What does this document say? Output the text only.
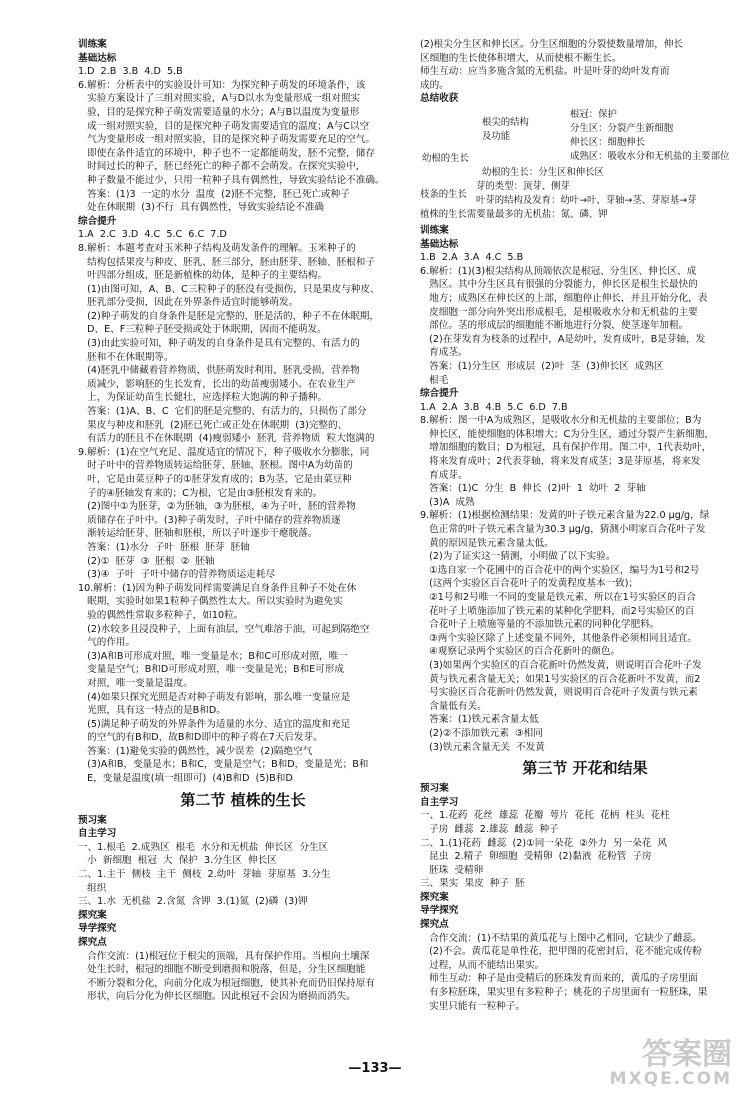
训练案
基础达标
1.D  2.B  3.B  4.D  5.B
6.解析：分析表中的实验设计可知：为探究种子萌发的环境条件，该
实验方案设计了三组对照实验，A与D以水为变量形成一组对照实
验，目的是探究种子萌发需要适量的水分；A与B以温度为变量形
成一组对照实验，目的是探究种子萌发需要适宜的温度；A与C以空
气为变量形成一组对照实验，目的是探究种子萌发需要充足的空气。
即使在条件适宜的环境中，种子也不一定都能萌发，胚不完整，储存
时间过长的种子，胚已经死亡的种子都不会萌发。在探究实验中，
种子数量不能过少，只用一粒种子具有偶然性，导致实验结论不准确。
答案：(1)3  一定的水分  温度  (2)胚不完整，胚已死亡或种子
处在休眠期  (3)不行  具有偶然性，导致实验结论不准确
综合提升
1.A  2.C  3.D  4.C  5.C  6.C  7.D
8.解析：本题考查对玉米种子结构及萌发条件的理解。玉米种子的
结构包括果皮与种皮、胚乳、胚三部分，胚由胚芽、胚轴、胚根和子
叶四部分组成，胚是新植株的幼体，是种子的主要结构。
(1)由图可知，A、B、C三粒种子的胚没有受损伤，只是果皮与种皮、
胚乳部分受损，因此在外界条件适宜时能够萌发。
(2)种子萌发的自身条件是胚是完整的，胚是活的，种子不在休眠期，
D、E、F三粒种子胚受损或处于休眠期，因而不能萌发。
(3)由此实验可知，种子萌发的自身条件是具有完整的、有活力的
胚和不在休眠期等。
(4)胚乳中储藏着营养物质，供胚萌发时利用，胚乳受损，营养物
质减少，影响胚的生长发育，长出的幼苗瘦弱矮小。在农业生产
上，为保证幼苗生长健壮，应选择粒大饱满的种子播种。
答案：(1)A、B、C  它们的胚是完整的、有活力的，只损伤了部分
果皮与种皮和胚乳  (2)胚已死亡或正处在休眠期  (3)完整的、
有活力的胚且不在休眠期  (4)瘦弱矮小  胚乳  营养物质  粒大饱满的
9.解析：(1)在空气充足、温度适宜的情况下，种子吸收水分膨胀，同
时子叶中的营养物质转运给胚芽、胚轴、胚根。图中A为幼苗的
叶，它是由菜豆种子的①胚芽发育成的；B为茎，它是由菜豆种
子的④胚轴发育来的；C为根，它是由③胚根发育来的。
(2)图中①为胚芽，②为胚轴，③为胚根，④为子叶，胚的营养物
质储存在子叶中。(3)种子萌发时，子叶中储存的营养物质逐
渐转运给胚芽、胚轴和胚根，所以子叶逐步干瘪脱落。
答案：(1)水分  子叶  胚根  胚芽  胚轴
(2)①  胚芽  ③  胚根  ②  胚轴
(3)④  子叶  子叶中储存的营养物质运走耗尽
10.解析：(1)因为种子萌发同样需要满足自身条件且种子不处在休
眠期，实验时如果1粒种子偶然性太大。所以实验时为避免实
验的偶然性常取多粒种子，如10粒。
(2)水较多且浸没种子，上面有油层，空气难溶于油，可起到隔绝空
气的作用。
(3)A和B可形成对照，唯一变量是水；B和C可形成对照，唯一
变量是空气；B和D可形成对照，唯一变量是光；B和E可形成
对照，唯一变量是温度。
(4)如果只探究光照是否对种子萌发有影响，那么唯一变量应是
光照，具有这一特点的是B和D。
(5)满足种子萌发的外界条件为适量的水分、适宜的温度和充足
的空气的有B和D，故B和D即中的种子将在7天后发芽。
答案：(1)避免实验的偶然性，减少误差  (2)隔绝空气
(3)A和B，变量是水；B和C，变量是空气；B和D，变量是光；B和
E，变量是温度(填一组即可)  (4)B和D  (5)B和D
第二节 植株的生长
预习案
自主学习
一、1.根毛  2.成熟区  根毛  水分和无机盐  伸长区  分生区
小  新细胞  根冠  大  保护  3.分生区  伸长区
二、1.主干  侧枝  主干  侧枝  2.幼叶  芽轴  芽原基  3.分生
组织
三、1.水  无机盐  2.含氮  含钾  3.(1)氮  (2)磷  (3)钾
探究案
导学探究
探究点
合作交流：(1)根冠位于根尖的顶端，具有保护作用。当根向土壤深
处生长时，根冠的细胞不断受到磨损和脱落，但是，分生区细胞能
不断分裂和分化，向前分化成为根冠细胞，使其补充而仍旧保持原有
形状，向后分化为伸长区细胞。因此根冠不会因为磨损而消失。
(2)根尖分生区和伸长区。分生区细胞的分裂使数量增加，伸长
区细胞的生长使体积增大，从而使根不断生长。
师生互动：应当多施含氮的无机盐。叶是叶芽的幼叶发育而
成的。
总结收获
幼根的生长
根尖的结构
及功能
根冠：保护
分生区：分裂产生新细胞
伸长区：细胞伸长
成熟区：吸收水分和无机盐的主要部位
幼根的生长：分生区和伸长区
枝条的生长
芽的类型：顶芽、侧芽
叶芽的结构及发育：幼叶→叶、芽轴→茎、芽原基→芽
植株的生长需要量最多的无机盐：氮、磷、钾
训练案
基础达标
1.B  2.A  3.A  4.C  5.B
6.解析：(1)(3)根尖结构从顶端依次是根冠、分生区、伸长区、成
熟区。其中分生区具有很强的分裂能力，伸长区是根生长最快的
地方；成熟区在伸长区的上部，细胞停止伸长，并且开始分化，表
皮细胞一部分向外突出形成根毛，是根吸收水分和无机盐的主要
部位。茎的形成层的细胞能不断地进行分裂，使茎逐年加粗。
(2)在芽发育为枝条的过程中，A是幼叶，发育成叶，B是芽轴，发
育成茎。
答案：(1)分生区  形成层  (2)叶  茎  (3)伸长区  成熟区
根毛
综合提升
1.A  2.A  3.B  4.B  5.C  6.D  7.B
8.解析：图一中A为成熟区，是吸收水分和无机盐的主要部位；B为
伸长区，能使细胞的体积增大；C为分生区，通过分裂产生新细胞，
增加细胞的数目；D为根冠，具有保护作用。图二中，1代表幼叶，
将来发育成叶；2代表芽轴，将来发育成茎；3是芽原基，将来发
育成芽。
答案：(1)C  分生  B  伸长  (2)叶  1  幼叶  2  芽轴
(3)A  成熟
9.解析：(1)根据检测结果：发黄的叶子铁元素含量为22.0 μg/g，绿
色正常的叶子铁元素含量为30.3 μg/g，猜测小明家百合花叶子发
黄的原因是铁元素含量太低。
(2)为了证实这一猜测，小明做了以下实验。
①选自家一个花圃中的百合花中的两个实验区，编号为1号和2号
(这两个实验区百合花叶子的发黄程度基本一致)；
②1号和2号唯一不同的变量是铁元素，所以在1号实验区的百合
花叶子上喷施添加了铁元素的某种化学肥料，而2号实验区的百
合花叶子上喷施等量的不添加铁元素的同种化学肥料。
③两个实验区除了上述变量不同外，其他条件必须相同且适宜。
④观察记录两个实验区的百合花新叶的颜色。
(3)如果两个实验区的百合花新叶仍然发黄，则说明百合花叶子发
黄与铁元素含量无关；如果1号实验区的百合花新叶不发黄，而2
号实验区百合花新叶仍然发黄，则说明百合花叶子发黄与铁元素
含量低有关。
答案：(1)铁元素含量太低
(2)②不添加铁元素  ③相同
(3)铁元素含量无关  不发黄
第三节 开花和结果
预习案
自主学习
一、1.花药  花丝  雄蕊  花瓣  萼片  花托  花柄  柱头  花柱
子房  雌蕊  2.雄蕊  雌蕊  种子
二、1.(1)花药  雌蕊  (2)①同一朵花  ②外力  另一朵花  风
昆虫  2.精子  卵细胞  受精卵  (2)黏液  花粉管  子房
胚珠  受精卵
三、果实  果皮  种子  胚
探究案
导学探究
探究点
合作交流：(1)不结果的黄瓜花与上图中乙相同，它缺少了雌蕊。
(2)不会。黄瓜花是单性花，把甲图的花密封后，花不能完成传粉
过程，从而不能结出果实。
师生互动：种子是由受精后的胚珠发育而来的，黄瓜的子房里面
有多粒胚珠，果实里有多粒种子；桃花的子房里面有一粒胚珠，果
实里只能有一粒种子。
—133—	答案圈
MXQE.COM
